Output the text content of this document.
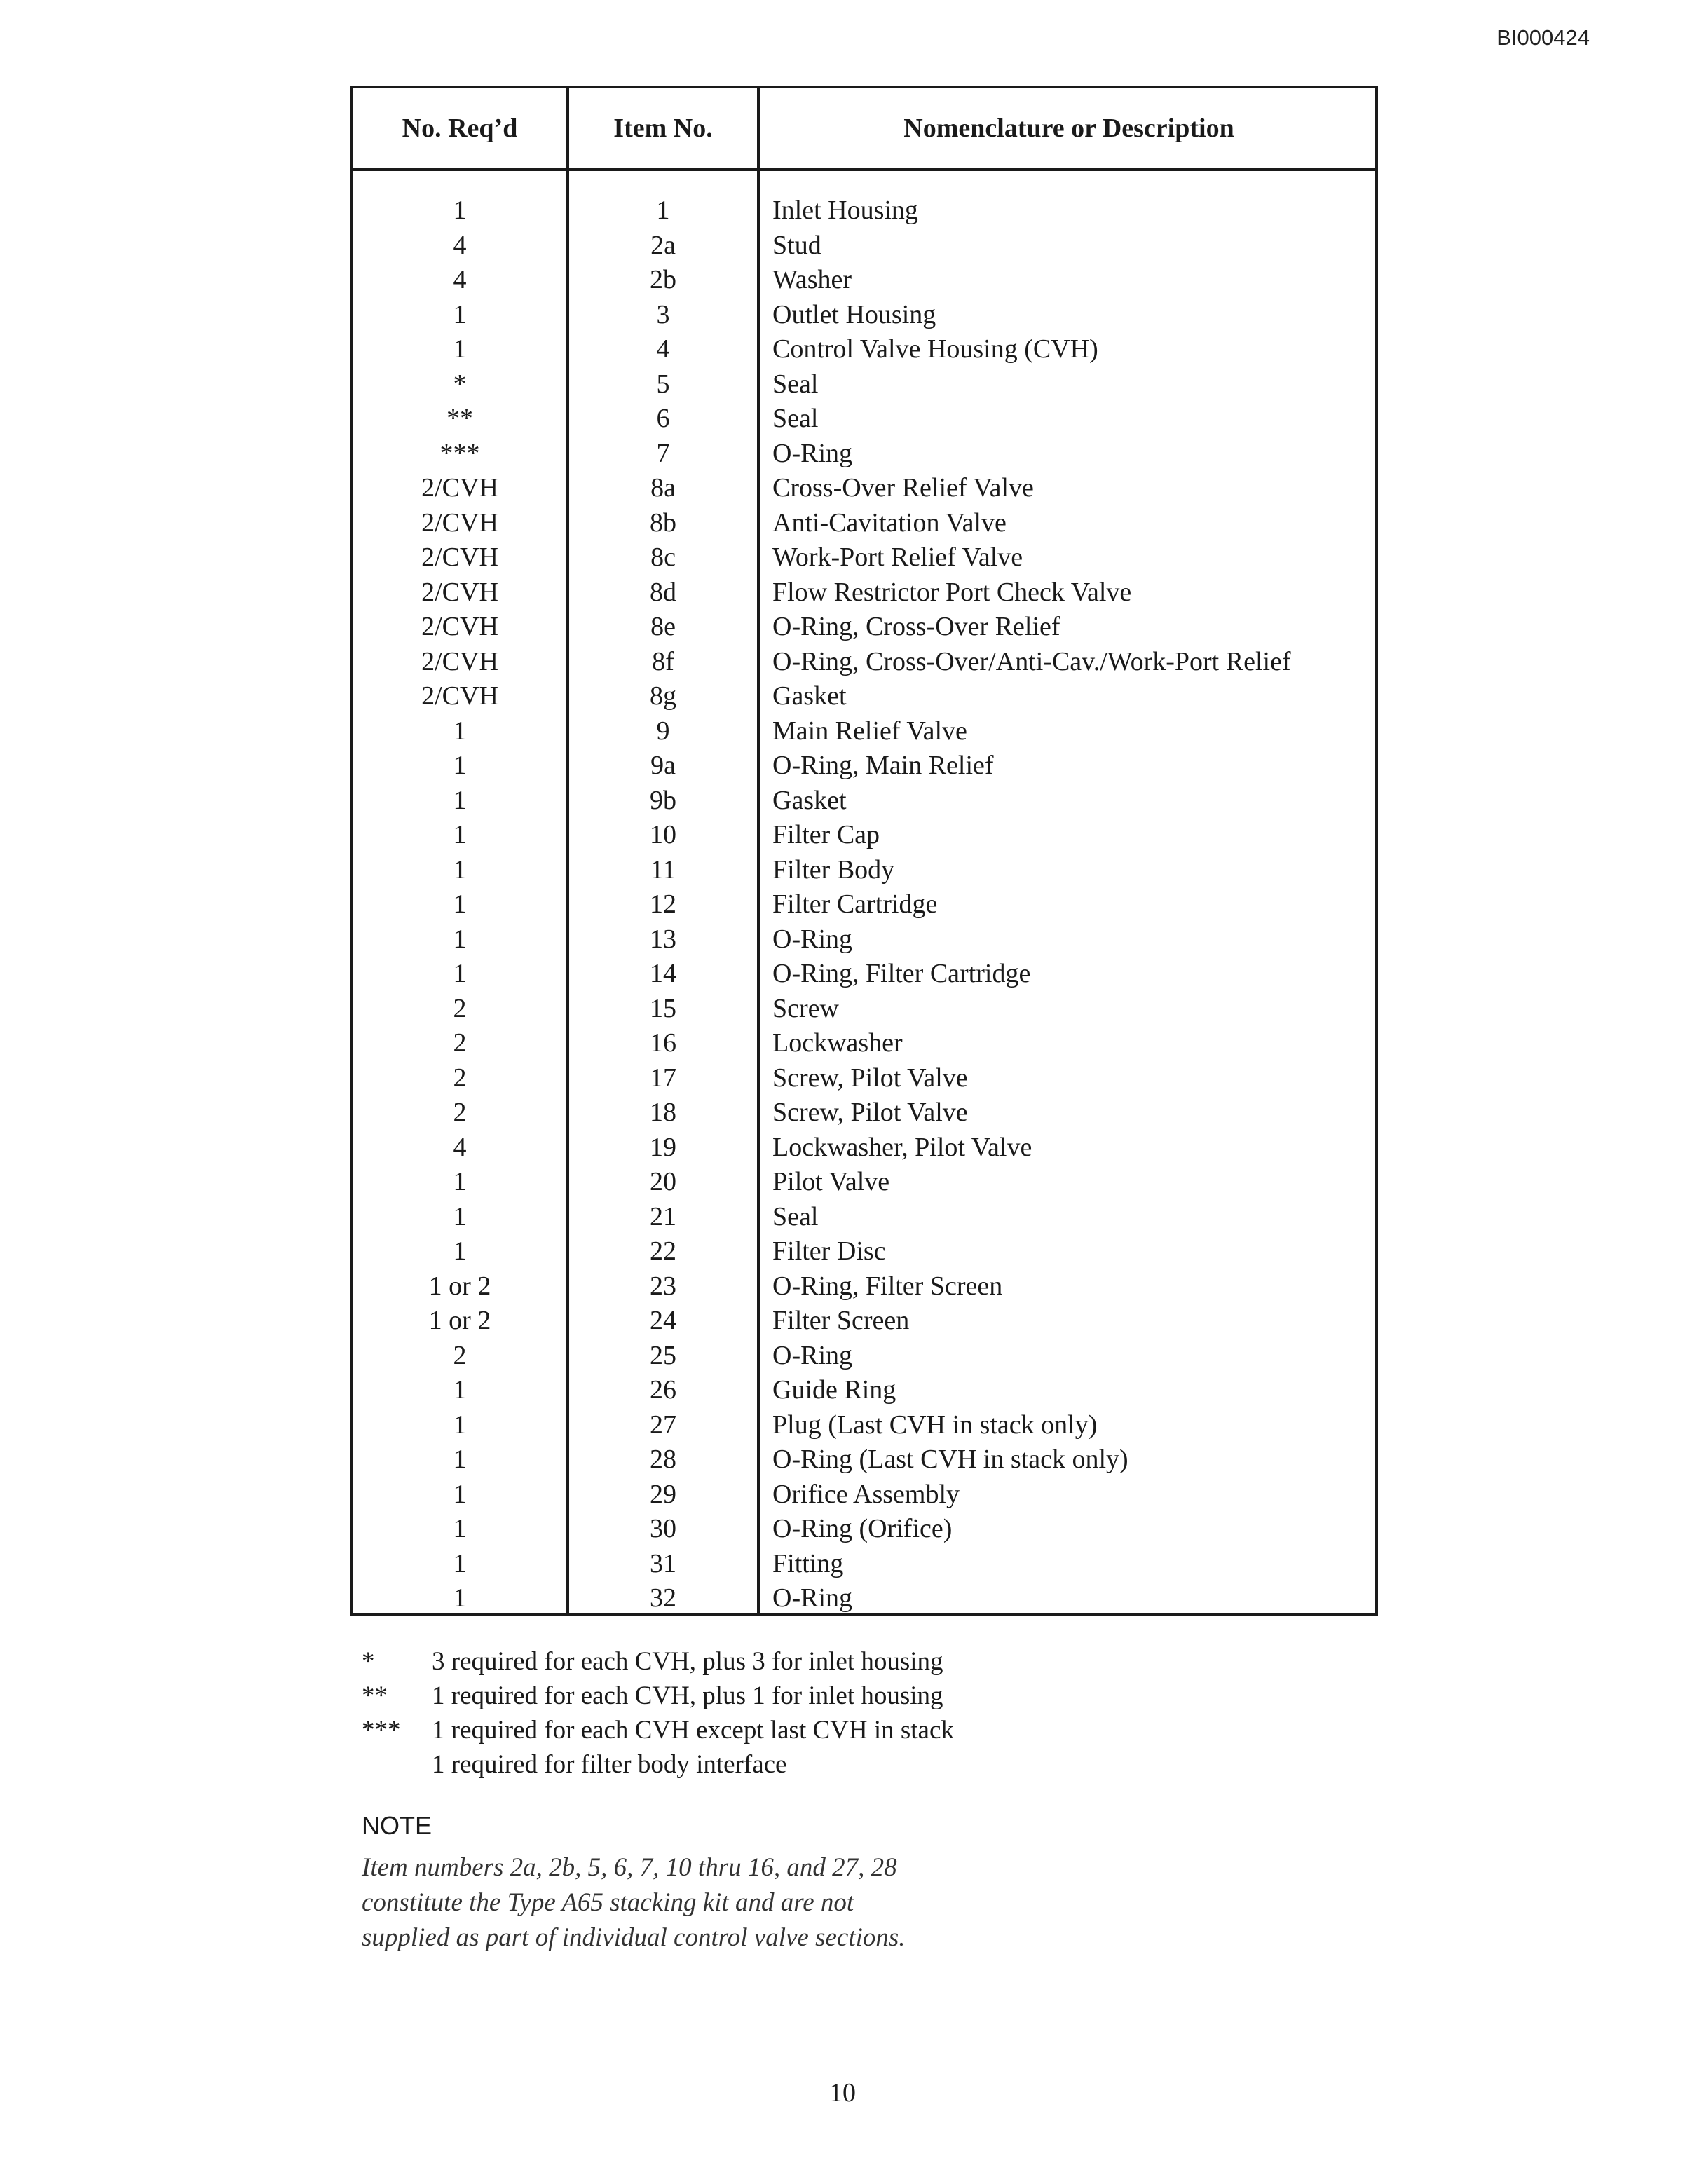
BI000424
No. Req’d	Item No.	Nomenclature or Description
1	1	Inlet Housing
4	2a	Stud
4	2b	Washer
1	3	Outlet Housing
1	4	Control Valve Housing (CVH)
*	5	Seal
**	6	Seal
***	7	O-Ring
2/CVH	8a	Cross-Over Relief Valve
2/CVH	8b	Anti-Cavitation Valve
2/CVH	8c	Work-Port Relief Valve
2/CVH	8d	Flow Restrictor Port Check Valve
2/CVH	8e	O-Ring, Cross-Over Relief
2/CVH	8f	O-Ring, Cross-Over/Anti-Cav./Work-Port Relief
2/CVH	8g	Gasket
1	9	Main Relief Valve
1	9a	O-Ring, Main Relief
1	9b	Gasket
1	10	Filter Cap
1	11	Filter Body
1	12	Filter Cartridge
1	13	O-Ring
1	14	O-Ring, Filter Cartridge
2	15	Screw
2	16	Lockwasher
2	17	Screw, Pilot Valve
2	18	Screw, Pilot Valve
4	19	Lockwasher, Pilot Valve
1	20	Pilot Valve
1	21	Seal
1	22	Filter Disc
1 or 2	23	O-Ring, Filter Screen
1 or 2	24	Filter Screen
2	25	O-Ring
1	26	Guide Ring
1	27	Plug (Last CVH in stack only)
1	28	O-Ring (Last CVH in stack only)
1	29	Orifice Assembly
1	30	O-Ring (Orifice)
1	31	Fitting
1	32	O-Ring
*	3 required for each CVH, plus 3 for inlet housing
**	1 required for each CVH, plus 1 for inlet housing
***	1 required for each CVH except last CVH in stack
1 required for filter body interface
NOTE
Item numbers 2a, 2b, 5, 6, 7, 10 thru 16, and 27, 28
constitute the Type A65 stacking kit and are not
supplied as part of individual control valve sections.
10
